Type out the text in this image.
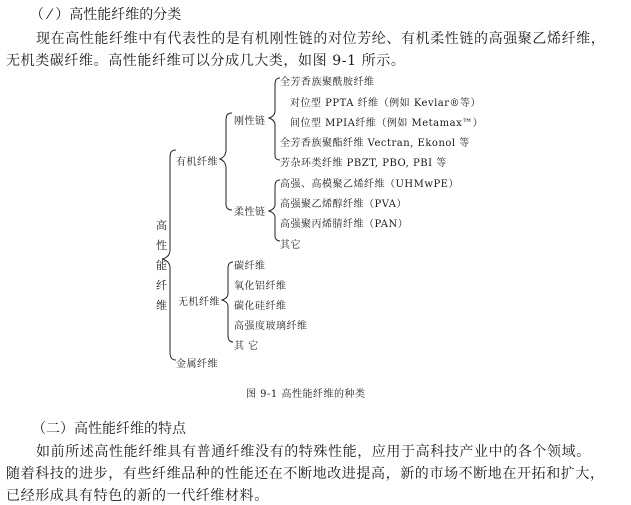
（ ⁄ ）高性能纤维的分类
现在高性能纤维中有代表性的是有机刚性链的对位芳纶、有机柔性链的高强聚乙烯纤维，
无机类碳纤维。高性能纤维可以分成几大类，如图 9-1 所示。
高
性
能
纤
维
有机纤维
无机纤维
金属纤维
刚性链
柔性链
全芳香族聚酰胺纤维
对位型 PPTA 纤维（例如 Kevlar®等）
间位型 MPIA纤维（例如 Metamax™）
全芳香族聚酯纤维 Vectran, Ekonol 等
芳杂环类纤维 PBZT, PBO, PBI 等
高强、高模聚乙烯纤维（UHMwPE）
高强聚乙烯醇纤维（PVA）
高强聚丙烯腈纤维（PAN）
其它
碳纤维
氧化铝纤维
碳化硅纤维
高强度玻璃纤维
其 它
图 9-1 高性能纤维的种类
（二）高性能纤维的特点
如前所述高性能纤维具有普通纤维没有的特殊性能，应用于高科技产业中的各个领域。
随着科技的进步，有些纤维品种的性能还在不断地改进提高，新的市场不断地在开拓和扩大，
已经形成具有特色的新的一代纤维材料。
